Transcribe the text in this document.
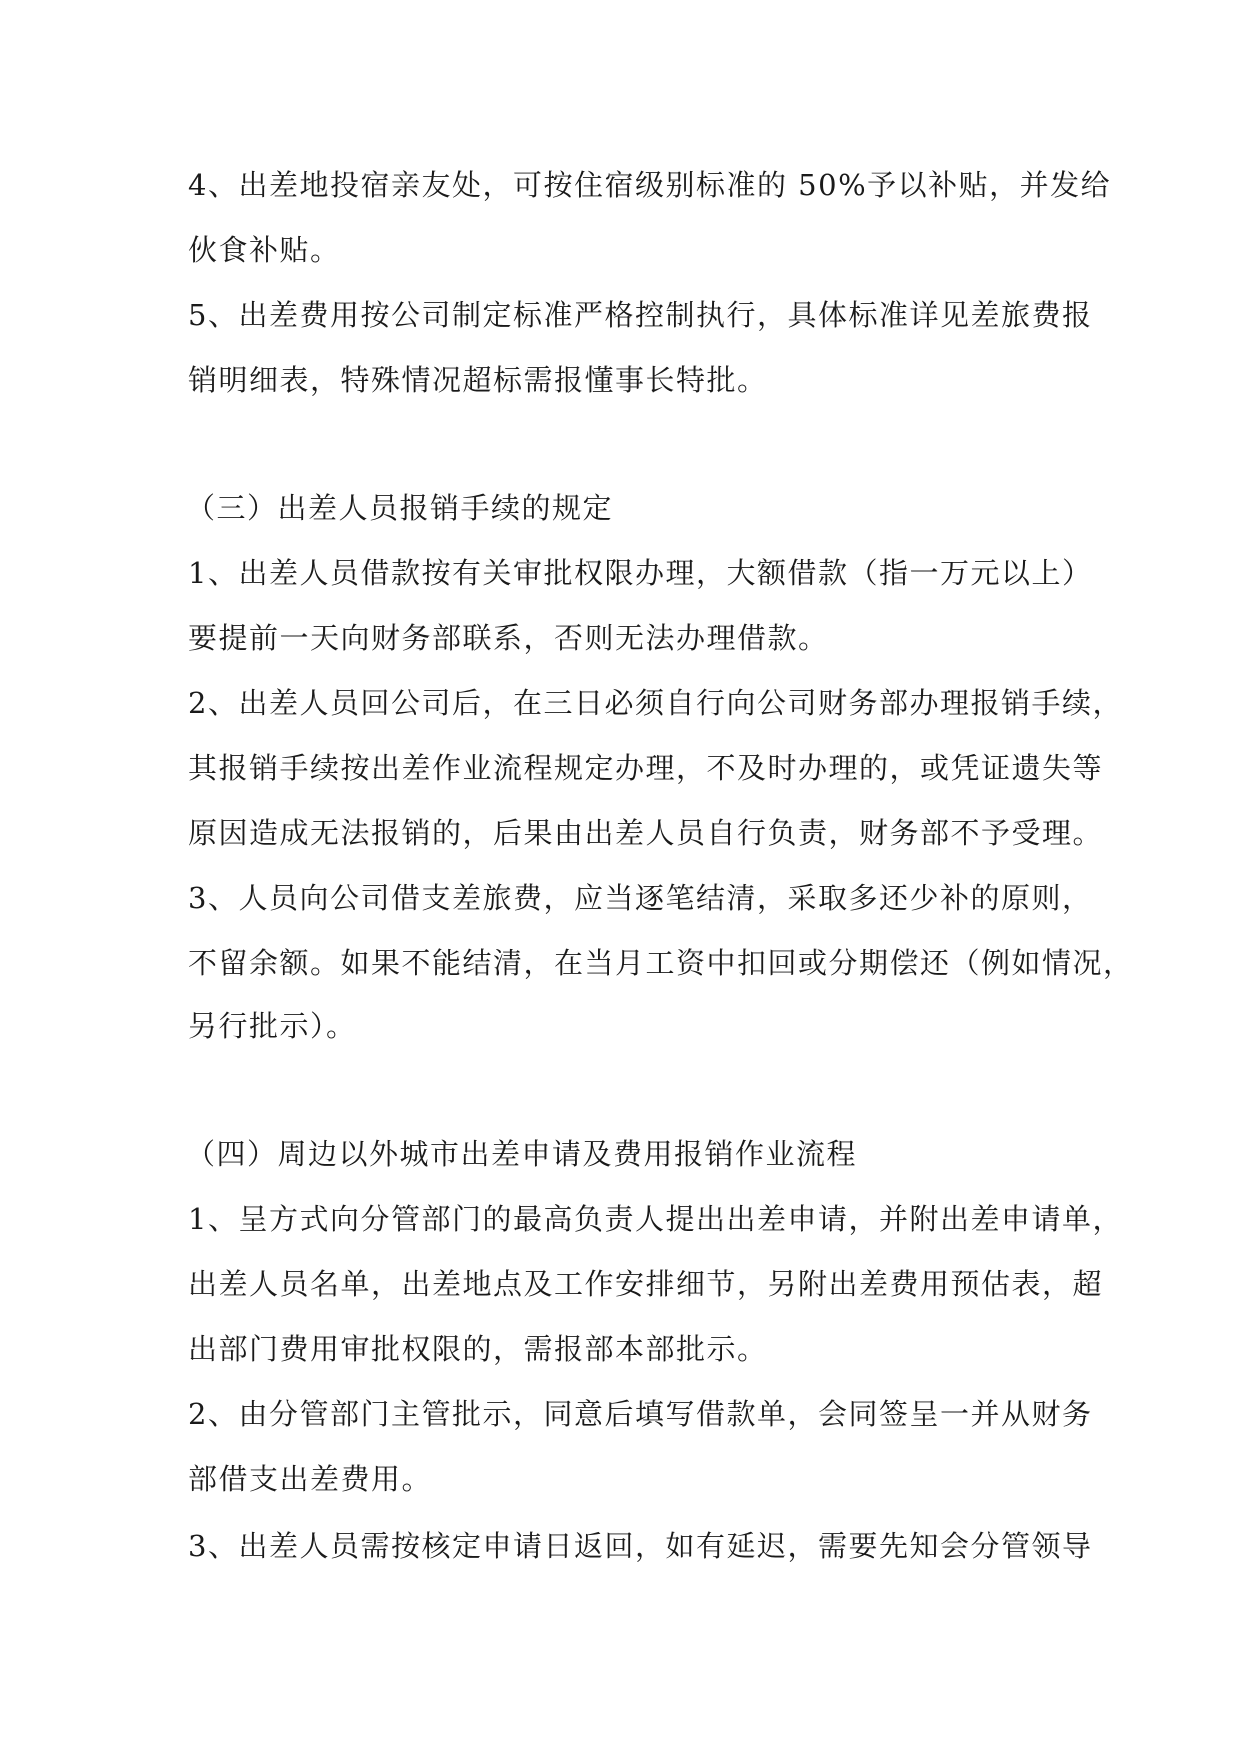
4、出差地投宿亲友处，可按住宿级别标准的 50%予以补贴，并发给
伙食补贴。
5、出差费用按公司制定标准严格控制执行，具体标准详见差旅费报
销明细表，特殊情况超标需报懂事长特批。
（三）出差人员报销手续的规定
1、出差人员借款按有关审批权限办理，大额借款（指一万元以上）
要提前一天向财务部联系，否则无法办理借款。
2、出差人员回公司后，在三日必须自行向公司财务部办理报销手续，
其报销手续按出差作业流程规定办理，不及时办理的，或凭证遗失等
原因造成无法报销的，后果由出差人员自行负责，财务部不予受理。
3、人员向公司借支差旅费，应当逐笔结清，采取多还少补的原则，
不留余额。如果不能结清，在当月工资中扣回或分期偿还（例如情况，
另行批示）。
（四）周边以外城市出差申请及费用报销作业流程
1、呈方式向分管部门的最高负责人提出出差申请，并附出差申请单，
出差人员名单，出差地点及工作安排细节，另附出差费用预估表，超
出部门费用审批权限的，需报部本部批示。
2、由分管部门主管批示，同意后填写借款单，会同签呈一并从财务
部借支出差费用。
3、出差人员需按核定申请日返回，如有延迟，需要先知会分管领导
